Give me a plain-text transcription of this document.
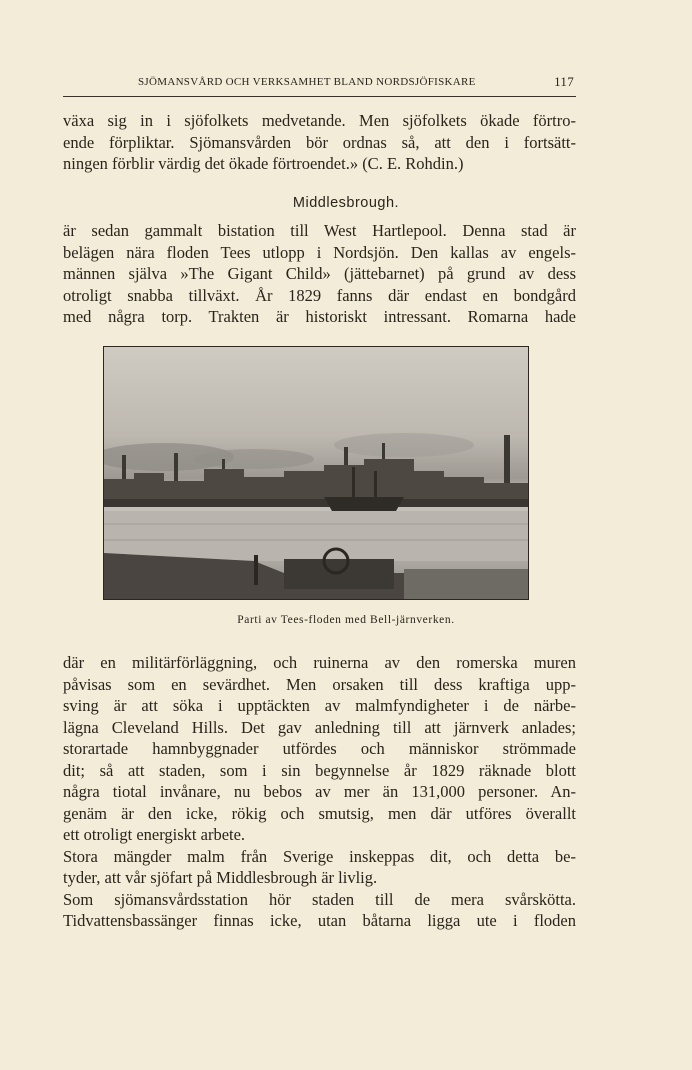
SJÖMANSVÅRD OCH VERKSAMHET BLAND NORDSJÖFISKARE	117
växa sig in i sjöfolkets medvetande. Men sjöfolkets ökade förtro-
ende förpliktar. Sjömansvården bör ordnas så, att den i fortsätt-
ningen förblir värdig det ökade förtroendet.» (C. E. Rohdin.)
Middlesbrough.
är sedan gammalt bistation till West Hartlepool. Denna stad är
belägen nära floden Tees utlopp i Nordsjön. Den kallas av engels-
männen själva »The Gigant Child» (jättebarnet) på grund av dess
otroligt snabba tillväxt. År 1829 fanns där endast en bondgård
med några torp. Trakten är historiskt intressant. Romarna hade
Parti av Tees-floden med Bell-järnverken.
där en militärförläggning, och ruinerna av den romerska muren
påvisas som en sevärdhet. Men orsaken till dess kraftiga upp-
sving är att söka i upptäckten av malmfyndigheter i de närbe-
lägna Cleveland Hills. Det gav anledning till att järnverk anlades;
storartade hamnbyggnader utfördes och människor strömmade
dit; så att staden, som i sin begynnelse år 1829 räknade blott
några tiotal invånare, nu bebos av mer än 131,000 personer. An-
genäm är den icke, rökig och smutsig, men där utföres överallt
ett otroligt energiskt arbete.
Stora mängder malm från Sverige inskeppas dit, och detta be-
tyder, att vår sjöfart på Middlesbrough är livlig.
Som sjömansvårdsstation hör staden till de mera svårskötta.
Tidvattensbassänger finnas icke, utan båtarna ligga ute i floden
